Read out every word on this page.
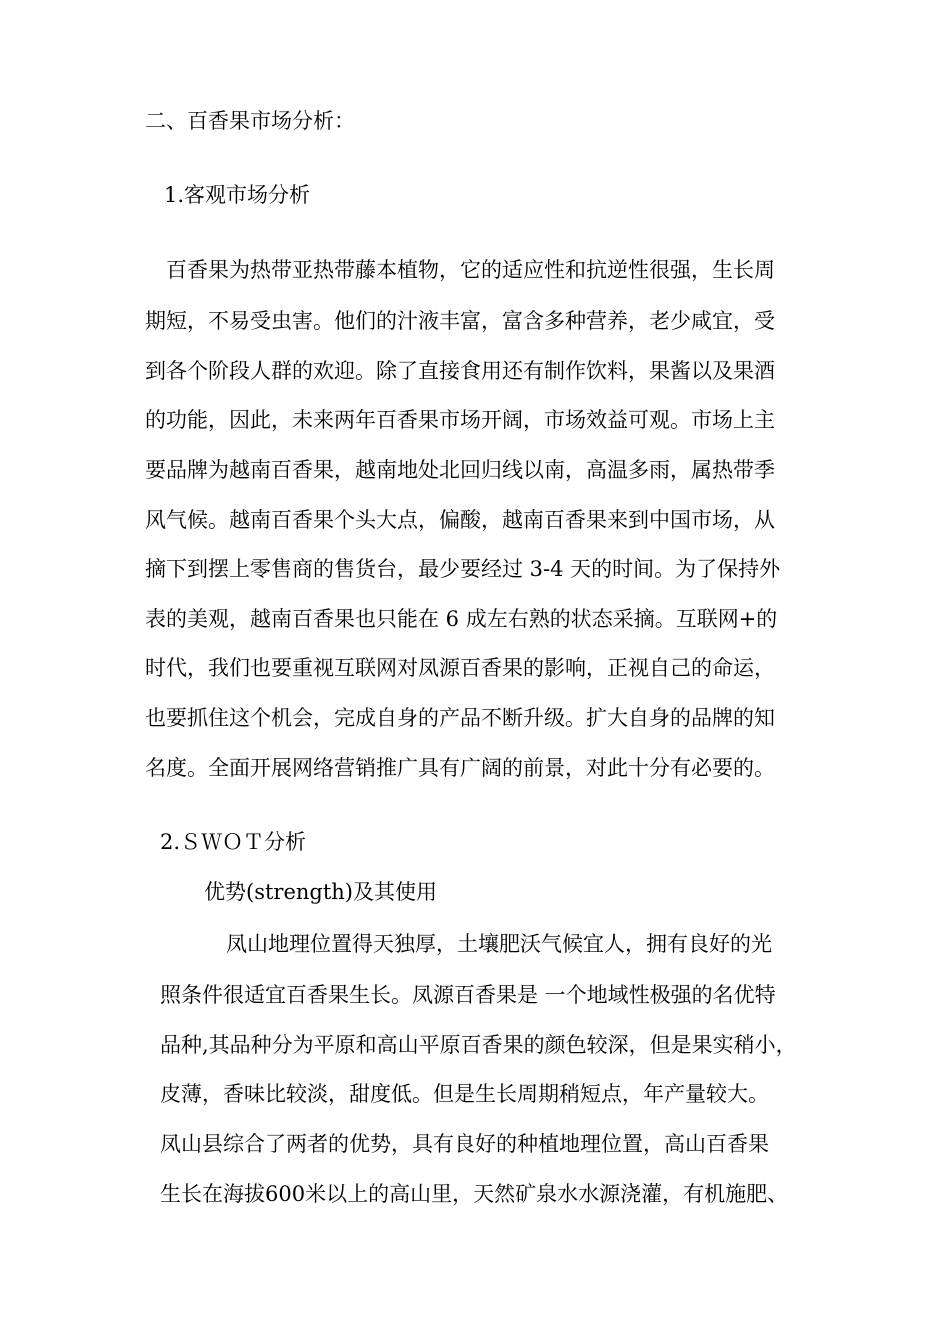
二、百香果市场分析：
1.客观市场分析
百香果为热带亚热带藤本植物，它的适应性和抗逆性很强，生长周
期短，不易受虫害。他们的汁液丰富，富含多种营养，老少咸宜，受
到各个阶段人群的欢迎。除了直接食用还有制作饮料，果酱以及果酒
的功能，因此，未来两年百香果市场开阔，市场效益可观。市场上主
要品牌为越南百香果，越南地处北回归线以南，高温多雨，属热带季
风气候。越南百香果个头大点，偏酸，越南百香果来到中国市场，从
摘下到摆上零售商的售货台，最少要经过 3-4 天的时间。为了保持外
表的美观，越南百香果也只能在 6 成左右熟的状态采摘。互联网+的
时代，我们也要重视互联网对凤源百香果的影响，正视自己的命运，
也要抓住这个机会，完成自身的产品不断升级。扩大自身的品牌的知
名度。全面开展网络营销推广具有广阔的前景，对此十分有必要的。
2.ＳＷＯＴ分析
优势(strength)及其使用
凤山地理位置得天独厚，土壤肥沃气候宜人，拥有良好的光
照条件很适宜百香果生长。凤源百香果是 一个地域性极强的名优特
品种,其品种分为平原和高山平原百香果的颜色较深，但是果实稍小，
皮薄，香味比较淡，甜度低。但是生长周期稍短点，年产量较大。
凤山县综合了两者的优势，具有良好的种植地理位置，高山百香果
生长在海拔600米以上的高山里，天然矿泉水水源浇灌，有机施肥、
